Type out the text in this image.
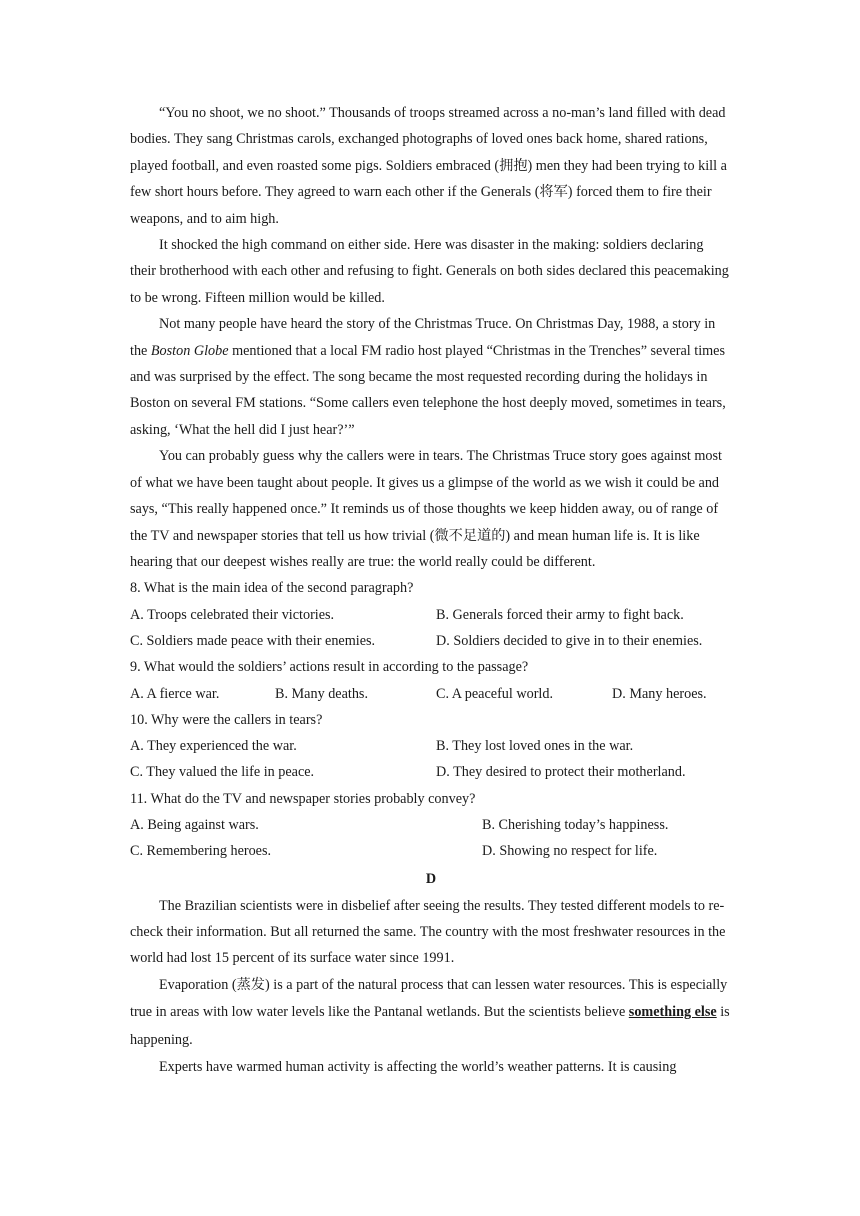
“You no shoot, we no shoot.” Thousands of troops streamed across a no-man’s land filled with dead bodies. They sang Christmas carols, exchanged photographs of loved ones back home, shared rations, played football, and even roasted some pigs. Soldiers embraced (拥抱) men they had been trying to kill a few short hours before. They agreed to warn each other if the Generals (将军) forced them to fire their weapons, and to aim high.

It shocked the high command on either side. Here was disaster in the making: soldiers declaring their brotherhood with each other and refusing to fight. Generals on both sides declared this peacemaking to be wrong. Fifteen million would be killed.

Not many people have heard the story of the Christmas Truce. On Christmas Day, 1988, a story in the Boston Globe mentioned that a local FM radio host played “Christmas in the Trenches” several times and was surprised by the effect. The song became the most requested recording during the holidays in Boston on several FM stations. “Some callers even telephone the host deeply moved, sometimes in tears, asking, ‘What the hell did I just hear?’”

You can probably guess why the callers were in tears. The Christmas Truce story goes against most of what we have been taught about people. It gives us a glimpse of the world as we wish it could be and says, “This really happened once.” It reminds us of those thoughts we keep hidden away, ou of range of the TV and newspaper stories that tell us how trivial (微不足道的) and mean human life is. It is like hearing that our deepest wishes really are true: the world really could be different.

8. What is the main idea of the second paragraph?
A. Troops celebrated their victories.	B. Generals forced their army to fight back.
C. Soldiers made peace with their enemies.	D. Soldiers decided to give in to their enemies.
9. What would the soldiers’ actions result in according to the passage?
A. A fierce war.	B. Many deaths.	C. A peaceful world.	D. Many heroes.
10. Why were the callers in tears?
A. They experienced the war.	B. They lost loved ones in the war.
C. They valued the life in peace.	D. They desired to protect their motherland.
11. What do the TV and newspaper stories probably convey?
A. Being against wars.	B. Cherishing today’s happiness.
C. Remembering heroes.	D. Showing no respect for life.
D

The Brazilian scientists were in disbelief after seeing the results. They tested different models to re-check their information. But all returned the same. The country with the most freshwater resources in the world had lost 15 percent of its surface water since 1991.

Evaporation (蒸发) is a part of the natural process that can lessen water resources. This is especially true in areas with low water levels like the Pantanal wetlands. But the scientists believe something else is happening.

Experts have warmed human activity is affecting the world’s weather patterns. It is causing
